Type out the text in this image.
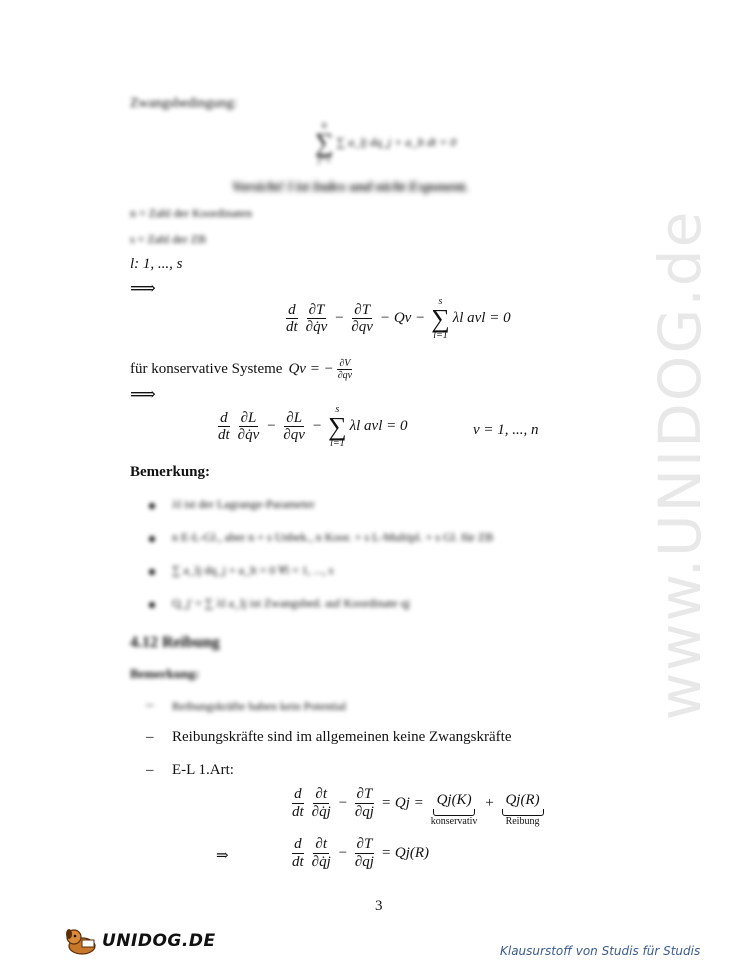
www.UNIDOG.de
Zwangsbedingung:
n
∑
j=1
∑ a_lj dq_j + a_lt dt = 0
Vorsicht! l ist Index und nicht Exponent.
n = Zahl der Koordinaten
s = Zahl der ZB
l: 1, ..., s
⟹
$\frac{d}{dt} \frac{\partial T}{\partial q̇\nu} - \frac{\partial T}{\partial q\nu} - Q\nu$ −
s
∑
l=1
λl aνl = 0
für konservative Systeme Qν = − $\frac{\partial V}{\partial q\nu}$
⟹
$\frac{d}{dt} \frac{\partial L}{\partial q̇\nu} - \frac{\partial L}{\partial q\nu}$ −
s
∑
l=1
λl aνl = 0	ν = 1, ..., n
Bemerkung:
λl ist der Lagrange-Parameter
n E-L-Gl., aber n + s Unbek., n Koor. + s L-Multipl. + s Gl. für ZB
∑ a_lj dq_j + a_lt = 0 ∀l = 1, ..., s
Q_j' = ∑ λl a_lj ist Zwangsbed. auf Koordinate qj
4.12 Reibung
Bemerkung:
– Reibungskräfte haben kein Potential
– Reibungskräfte sind im allgemeinen keine Zwangskräfte
– E-L 1.Art:
$\frac{d}{dt} \frac{\partial t}{\partial q̇j} - \frac{\partial T}{\partial qj} = Qj = Qj(K)$
konservativ
+ Qj(R)
Reibung
⇒	$\frac{d}{dt} \frac{\partial t}{\partial q̇j} - \frac{\partial T}{\partial qj} = Qj(R)$
3
UNIDOG.DE	Klausurstoff von Studis für Studis
